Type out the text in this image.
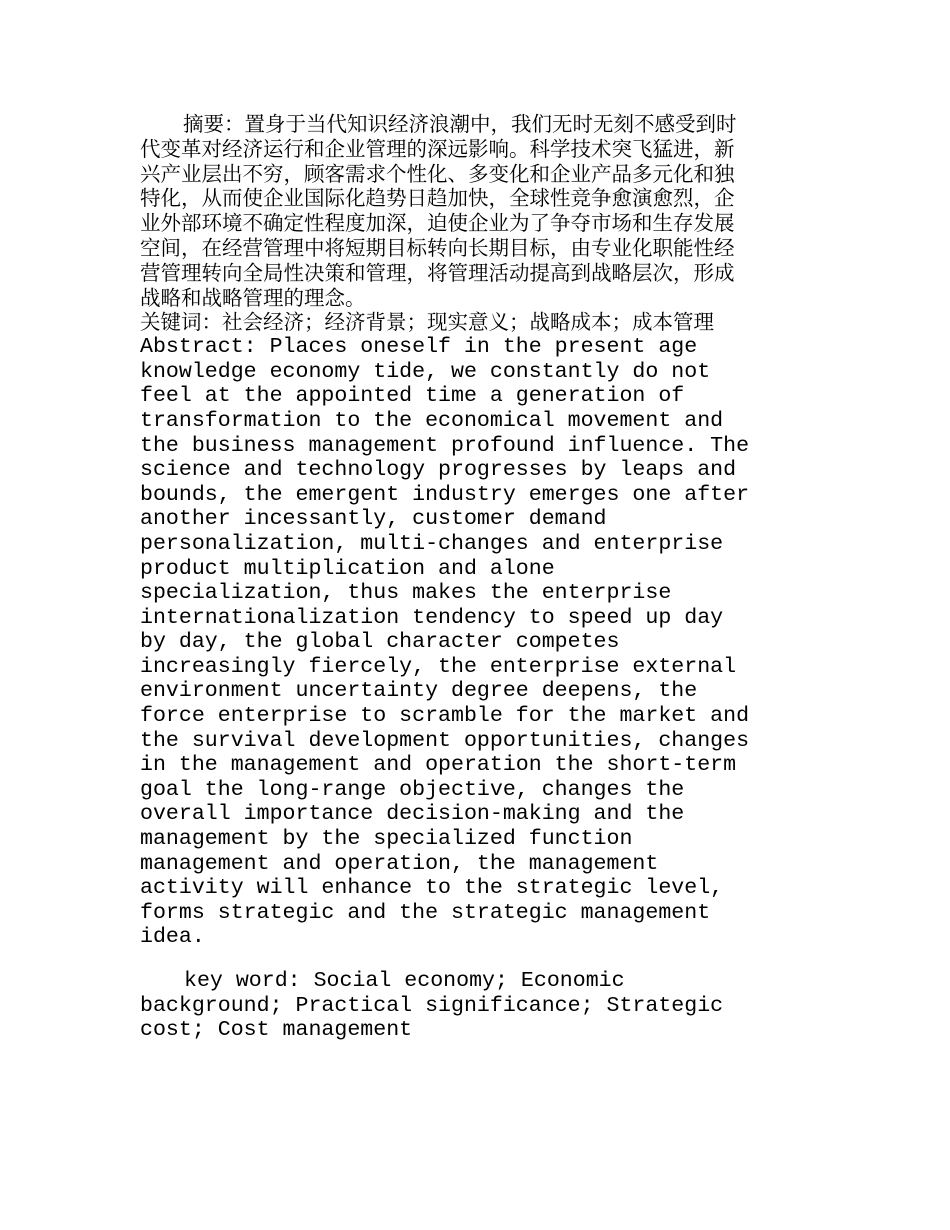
摘要：置身于当代知识经济浪潮中，我们无时无刻不感受到时代变革对经济运行和企业管理的深远影响。科学技术突飞猛进，新兴产业层出不穷，顾客需求个性化、多变化和企业产品多元化和独特化，从而使企业国际化趋势日趋加快，全球性竞争愈演愈烈，企业外部环境不确定性程度加深，迫使企业为了争夺市场和生存发展空间，在经营管理中将短期目标转向长期目标，由专业化职能性经营管理转向全局性决策和管理，将管理活动提高到战略层次，形成战略和战略管理的理念。

关键词：社会经济；经济背景；现实意义；战略成本；成本管理

Abstract: Places oneself in the present age knowledge economy tide, we constantly do not feel at the appointed time a generation of transformation to the economical movement and the business management profound influence. The science and technology progresses by leaps and bounds, the emergent industry emerges one after another incessantly, customer demand personalization, multi-changes and enterprise product multiplication and alone specialization, thus makes the enterprise internationalization tendency to speed up day by day, the global character competes increasingly fiercely, the enterprise external environment uncertainty degree deepens, the force enterprise to scramble for the market and the survival development opportunities, changes in the management and operation the short-term goal the long-range objective, changes the overall importance decision-making and the management by the specialized function management and operation, the management activity will enhance to the strategic level, forms strategic and the strategic management idea.

key word: Social economy; Economic background; Practical significance; Strategic cost; Cost management
